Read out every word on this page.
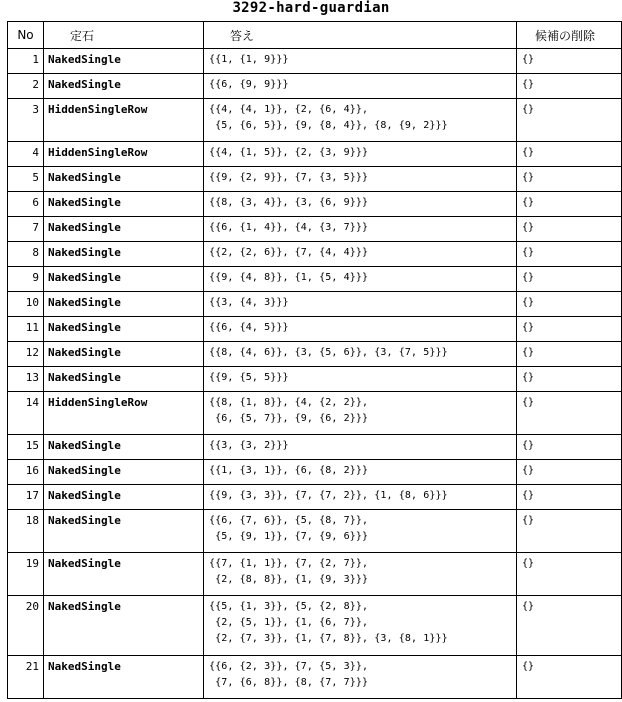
3292-hard-guardian
No	定石	答え	候補の削除
1	NakedSingle	{{1, {1, 9}}}	{}
2	NakedSingle	{{6, {9, 9}}}	{}
3	HiddenSingleRow	{{4, {4, 1}}, {2, {6, 4}},
{5, {6, 5}}, {9, {8, 4}}, {8, {9, 2}}}	{}
4	HiddenSingleRow	{{4, {1, 5}}, {2, {3, 9}}}	{}
5	NakedSingle	{{9, {2, 9}}, {7, {3, 5}}}	{}
6	NakedSingle	{{8, {3, 4}}, {3, {6, 9}}}	{}
7	NakedSingle	{{6, {1, 4}}, {4, {3, 7}}}	{}
8	NakedSingle	{{2, {2, 6}}, {7, {4, 4}}}	{}
9	NakedSingle	{{9, {4, 8}}, {1, {5, 4}}}	{}
10	NakedSingle	{{3, {4, 3}}}	{}
11	NakedSingle	{{6, {4, 5}}}	{}
12	NakedSingle	{{8, {4, 6}}, {3, {5, 6}}, {3, {7, 5}}}	{}
13	NakedSingle	{{9, {5, 5}}}	{}
14	HiddenSingleRow	{{8, {1, 8}}, {4, {2, 2}},
{6, {5, 7}}, {9, {6, 2}}}	{}
15	NakedSingle	{{3, {3, 2}}}	{}
16	NakedSingle	{{1, {3, 1}}, {6, {8, 2}}}	{}
17	NakedSingle	{{9, {3, 3}}, {7, {7, 2}}, {1, {8, 6}}}	{}
18	NakedSingle	{{6, {7, 6}}, {5, {8, 7}},
{5, {9, 1}}, {7, {9, 6}}}	{}
19	NakedSingle	{{7, {1, 1}}, {7, {2, 7}},
{2, {8, 8}}, {1, {9, 3}}}	{}
20	NakedSingle	{{5, {1, 3}}, {5, {2, 8}},
{2, {5, 1}}, {1, {6, 7}},
{2, {7, 3}}, {1, {7, 8}}, {3, {8, 1}}}	{}
21	NakedSingle	{{6, {2, 3}}, {7, {5, 3}},
{7, {6, 8}}, {8, {7, 7}}}	{}
